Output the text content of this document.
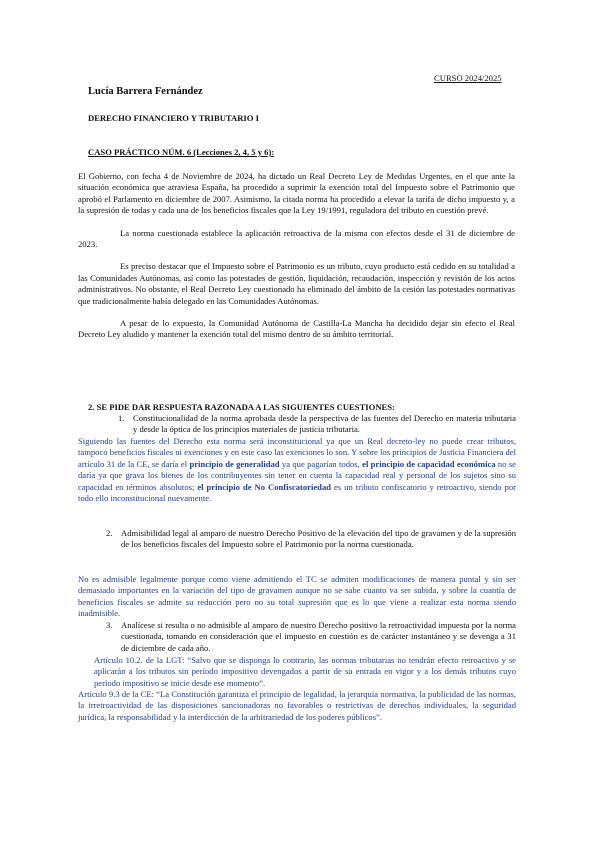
CURSO 2024/2025
Lucía Barrera Fernández
DERECHO FINANCIERO Y TRIBUTARIO I
CASO PRÁCTICO NÚM. 6 (Lecciones 2, 4, 5 y 6):

El Gobierno, con fecha 4 de Noviembre de 2024, ha dictado un Real Decreto Ley de Medidas Urgentes, en el que ante la situación económica que atraviesa España, ha procedido a suprimir la exención total del Impuesto sobre el Patrimonio que aprobó el Parlamento en diciembre de 2007. Asimismo, la citada norma ha procedido a elevar la tarifa de dicho impuesto y, a la supresión de todas y cada una de los beneficios fiscales que la Ley 19/1991, reguladora del tributo en cuestión prevé.

La norma cuestionada establece la aplicación retroactiva de la misma con efectos desde el 31 de diciembre de 2023.

Es preciso destacar que el Impuesto sobre el Patrimonio es un tributo, cuyo producto está cedido en su totalidad a las Comunidades Autónomas, así como las potestades de gestión, liquidación, recaudación, inspección y revisión de los actos administrativos. No obstante, el Real Decreto Ley cuestionado ha eliminado del ámbito de la cesión las potestades normativas que tradicionalmente había delegado en las Comunidades Autónomas.

A pesar de lo expuesto, la Comunidad Autónoma de Castilla-La Mancha ha decidido dejar sin efecto el Real Decreto Ley aludido y mantener la exención total del mismo dentro de su ámbito territorial.

2. SE PIDE DAR RESPUESTA RAZONADA A LAS SIGUIENTES CUESTIONES:
1. Constitucionalidad de la norma aprobada desde la perspectiva de las fuentes del Derecho en materia tributaria y desde la óptica de los principios materiales de justicia tributaria.
Siguiendo las fuentes del Derecho esta norma será inconstitucional ya que un Real decreto-ley no puede crear tributos, tampoco beneficios fiscales ni exenciones y en este caso las exenciones lo son. Y sobre los principios de Justicia Financiera del artículo 31 de la CE, se daría el principio de generalidad ya que pagarían todos, el principio de capacidad económica no se daría ya que grava los bienes de los contribuyentes sin tener en cuenta la capacidad real y personal de los sujetos sino su capacidad en términos absolutos; el principio de No Confiscatoriedad es un tributo confiscatorio y retroactivo, siendo por todo ello inconstitucional nuevamente.
2. Admisibilidad legal al amparo de nuestro Derecho Positivo de la elevación del tipo de gravamen y de la supresión de los beneficios fiscales del Impuesto sobre el Patrimonio por la norma cuestionada.
No es admisible legalmente porque como viene admitiendo el TC se admiten modificaciones de manera puntal y sin ser demasiado importantes en la variación del tipo de gravamen aunque no se sabe cuanto va ser subida, y sobre la cuantía de beneficios fiscales se admite su reducción pero no su total supresión que es lo que viene a realizar esta norma siendo inadmisible.
3. Analícese si resulta o no admisible al amparo de nuestro Derecho positivo la retroactividad impuesta por la norma cuestionada, tomando en consideración que el impuesto en cuestión es de carácter instantáneo y se devenga a 31 de diciembre de cada año.
Artículo 10.2. de la LGT: “Salvo que se disponga lo contrario, las normas tributarias no tendrán efecto retroactivo y se aplicarán a los tributos sin período impositivo devengados a partir de su entrada en vigor y a los demás tributos cuyo período impositivo se inicie desde ese momento”.
Artículo 9.3 de la CE: “La Constitución garantiza el principio de legalidad, la jerarquía normativa, la publicidad de las normas, la irretroactividad de las disposiciones sancionadoras no favorables o restrictivas de derechos individuales, la seguridad jurídica, la responsabilidad y la interdicción de la arbitrariedad de los poderes públicos”.
